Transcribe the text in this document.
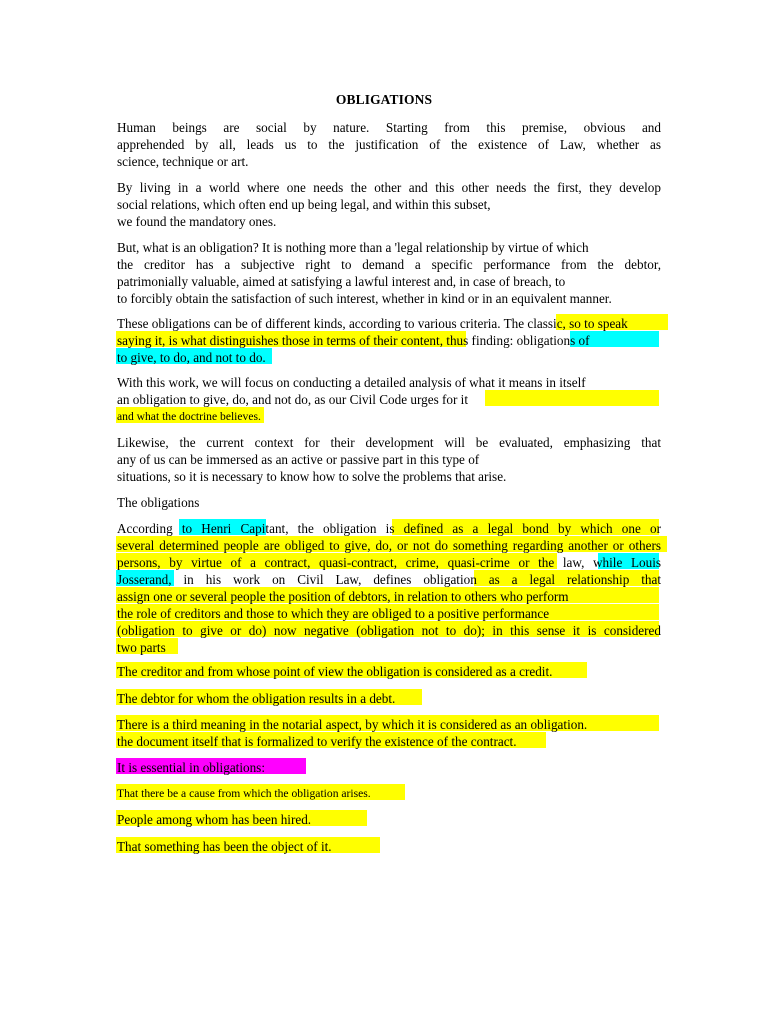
OBLIGATIONS
Human beings are social by nature. Starting from this premise, obvious and
apprehended by all, leads us to the justification of the existence of Law, whether as
science, technique or art.
By living in a world where one needs the other and this other needs the first, they develop
social relations, which often end up being legal, and within this subset,
we found the mandatory ones.
But, what is an obligation? It is nothing more than a 'legal relationship by virtue of which
the creditor has a subjective right to demand a specific performance from the debtor,
patrimonially valuable, aimed at satisfying a lawful interest and, in case of breach, to
to forcibly obtain the satisfaction of such interest, whether in kind or in an equivalent manner.
These obligations can be of different kinds, according to various criteria. The classic, so to speak
saying it, is what distinguishes those in terms of their content, thus finding: obligations of
to give, to do, and not to do.
With this work, we will focus on conducting a detailed analysis of what it means in itself
an obligation to give, do, and not do, as our Civil Code urges for it
and what the doctrine believes.
Likewise, the current context for their development will be evaluated, emphasizing that
any of us can be immersed as an active or passive part in this type of
situations, so it is necessary to know how to solve the problems that arise.
The obligations
According to Henri Capitant, the obligation is defined as a legal bond by which one or
several determined people are obliged to give, do, or not do something regarding another or others
persons, by virtue of a contract, quasi-contract, crime, quasi-crime or the law, while Louis
Josserand, in his work on Civil Law, defines obligation as a legal relationship that
assign one or several people the position of debtors, in relation to others who perform
the role of creditors and those to which they are obliged to a positive performance
(obligation to give or do) now negative (obligation not to do); in this sense it is considered
two parts
The creditor and from whose point of view the obligation is considered as a credit.
The debtor for whom the obligation results in a debt.
There is a third meaning in the notarial aspect, by which it is considered as an obligation.
the document itself that is formalized to verify the existence of the contract.
It is essential in obligations:
That there be a cause from which the obligation arises.
People among whom has been hired.
That something has been the object of it.
